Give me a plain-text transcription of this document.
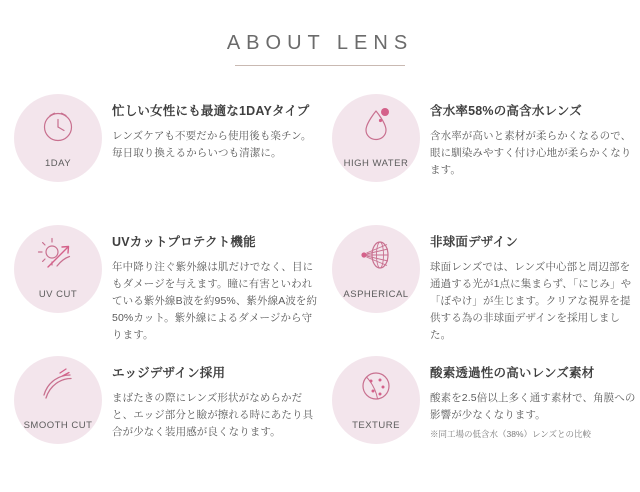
ABOUT LENS
1DAY

忙しい女性にも最適な1DAYタイプ

レンズケアも不要だから使用後も楽チン。毎日取り換えるからいつも清潔に。

HIGH WATER

含水率58%の高含水レンズ

含水率が高いと素材が柔らかくなるので、眼に馴染みやすく付け心地が柔らかくなります。

UV CUT

UVカットプロテクト機能

年中降り注ぐ紫外線は肌だけでなく、目にもダメージを与えます。瞳に有害といわれている紫外線B波を約95%、紫外線A波を約50%カット。紫外線によるダメージから守ります。

ASPHERICAL

非球面デザイン

球面レンズでは、レンズ中心部と周辺部を通過する光が1点に集まらず、「にじみ」や「ぼやけ」が生じます。クリアな視界を提供する為の非球面デザインを採用しました。

SMOOTH CUT

エッジデザイン採用

まばたきの際にレンズ形状がなめらかだと、エッジ部分と瞼が擦れる時にあたり具合が少なく装用感が良くなります。

TEXTURE

酸素透過性の高いレンズ素材

酸素を2.5倍以上多く通す素材で、角膜への影響が少なくなります。

※同工場の低含水（38%）レンズとの比較
